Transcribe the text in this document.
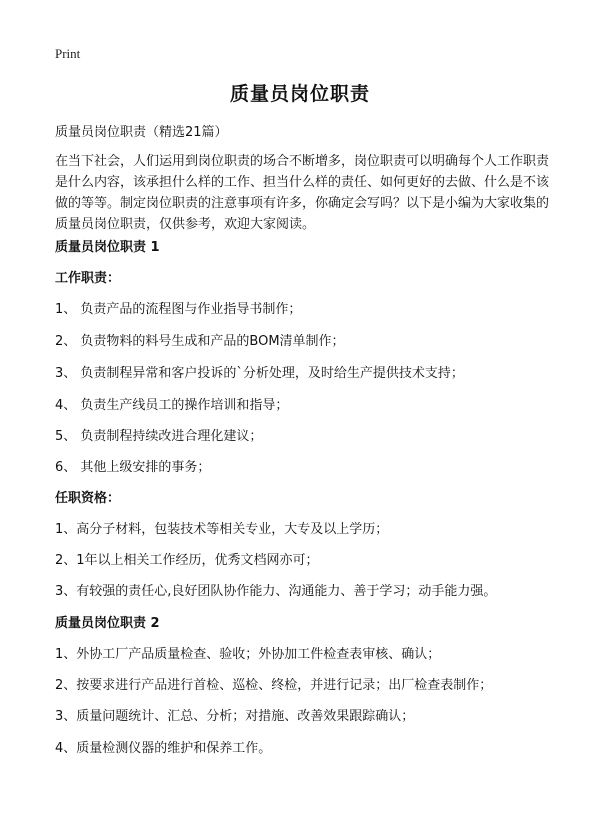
Print
质量员岗位职责
质量员岗位职责（精选21篇）

在当下社会，人们运用到岗位职责的场合不断增多，岗位职责可以明确每个人工作职责是什么内容，该承担什么样的工作、担当什么样的责任、如何更好的去做、什么是不该做的等等。制定岗位职责的注意事项有许多，你确定会写吗？以下是小编为大家收集的质量员岗位职责，仅供参考，欢迎大家阅读。

质量员岗位职责 1
工作职责：
1、 负责产品的流程图与作业指导书制作；
2、 负责物料的料号生成和产品的BOM清单制作；
3、 负责制程异常和客户投诉的`分析处理，及时给生产提供技术支持；
4、 负责生产线员工的操作培训和指导；
5、 负责制程持续改进合理化建议；
6、 其他上级安排的事务；
任职资格：
1、高分子材料，包装技术等相关专业，大专及以上学历；
2、1年以上相关工作经历，优秀文档网亦可；
3、有较强的责任心,良好团队协作能力、沟通能力、善于学习；动手能力强。
质量员岗位职责 2
1、外协工厂产品质量检查、验收；外协加工件检查表审核、确认；
2、按要求进行产品进行首检、巡检、终检，并进行记录；出厂检查表制作；
3、质量问题统计、汇总、分析；对措施、改善效果跟踪确认；
4、质量检测仪器的维护和保养工作。
